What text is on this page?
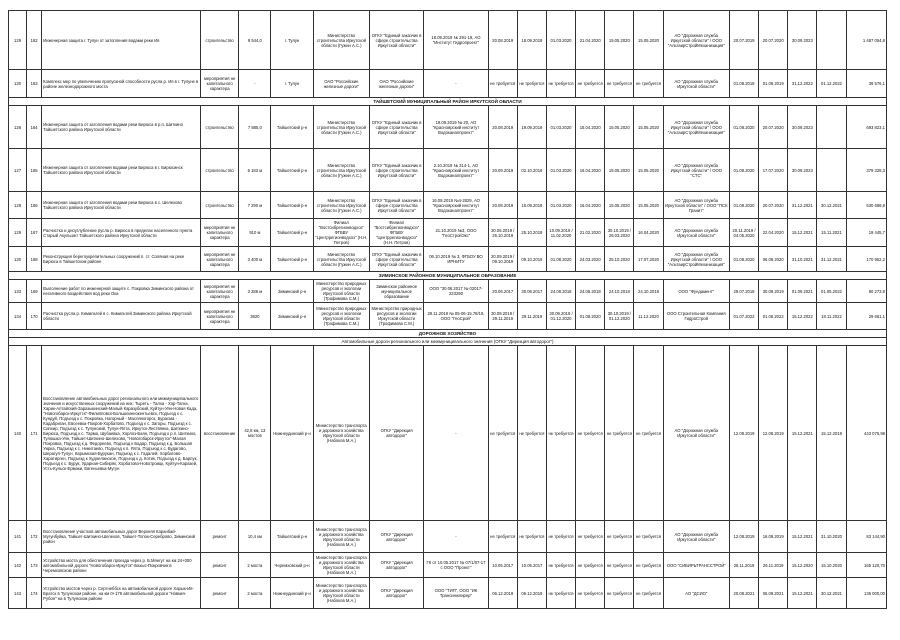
129	162	Инженерная защита г. Тулун от затопления водами реки Ия	строительство	9 544,0	г. Тулун	Министерство строительства Иркутской области (Гужин А.С.)	ОГКУ "Единый заказчик в сфере строительства Иркутской области"	18.09.2019 № 291-19, АО "Институт Гидропроект"	20.08.2019	18.09.2019	01.03.2020	21.04.2020	15.05.2020	15.05.2020	АО "Дорожная служба Иркутской области" / ООО "АльтаирСтройМеханизация"	20.07.2019	20.07.2020	30.09.2023		1 487 054,8
130	163	Комплекс мер по увеличению пропускной способности русла р. Ия в г. Тулуне в районе железнодорожного моста	мероприятия не капитального характера	-	г. Тулун	ОАО "Российские железные дороги"	ОАО "Российские железные дороги"	-	не требуется	не требуется	не требуется	не требуется	не требуется	не требуется	АО "Дорожная служба Иркутской области"	01.08.2019	01.08.2019	31.12.2022	01.12.2022	39 576,1
ТАЙШЕТСКИЙ МУНИЦИПАЛЬНЫЙ РАЙОН ИРКУТСКОЙ ОБЛАСТИ																				
126	164	Инженерная защита от затопления водами реки Бирюса в р.п. Шиткино Тайшетского района Иркутской области	строительство	7 885,0	Тайшетский р-н	Министерство строительства Иркутской области (Гужин А.С.)	ОГКУ "Единый заказчик в сфере строительства Иркутской области"	19.09.2019 № 20, АО "Красноярский институт Водоканалпроект"	20.08.2019	19.09.2019	01.03.2020	15.04.2020	15.05.2020	15.05.2020	АО "Дорожная служба Иркутской области" / ООО "АльтаирСтройМеханизация"	01.08.2020	20.07.2020	30.09.2023		693 823,1
127	165	Инженерная защита от затопления водами реки Бирюса в г. Бирюсинск Тайшетского района Иркутской области	строительство	6 183 м	Тайшетский р-н	Министерство строительства Иркутской области (Гужин А.С.)	ОГКУ "Единый заказчик в сфере строительства Иркутской области"	2.10.2019 № 314-1, АО "Красноярский институт Водоканалпроект"	20.09.2019	02.10.2019	01.03.2020	16.04.2020	15.05.2020	15.05.2020	АО "Дорожная служба Иркутской области" / ООО "СТС"	01.08.2020	17.07.2020	30.09.2023		379 328,3
128	166	Инженерная защита от затопления водами реки Бирюса в с. Шелехово Тайшетского района Иркутской области	строительство	7 290 м	Тайшетский р-н	Министерство строительства Иркутской области (Гужин А.С.)	ОГКУ "Единый заказчик в сфере строительства Иркутской области"	16.09.2019 №4-2829, АО "Красноярский институт Водоканалпроект"	20.08.2019	16.09.2019	01.03.2020	16.04.2020	15.05.2020	15.05.2020	АО "Дорожная служба Иркутской области" / ООО "ПСК Гранит"	01.08.2020	20.07.2020	31.12.2021	30.12.2021	530 688,8
129	167	Расчистка и дноуглубление русла р. Бирюса в пределах населенного пункта Старый Акульшет Тайшетского района Иркутской области	мероприятия не капитального характера	910 м	Тайшетский р-н	Филиал "Востсибрегионводхоз" ФГБВУ "Центррегионводхоз" (Н.Н. Петров)	Филиал "Востсибрегионводхоз" ФГБВУ "Центррегионводхоз" (Н.Н. Петров)	21.10.2019 №3, ООО "ГеоСтройЭкс"	30.06.2019 / 25.10.2019	25.10.2019	10.09.2019 / 11.02.2020	21.02.2020	30.10.2019 / 26.03.2020	16.04.2020	АО "Дорожная служба Иркутской области"	20.11.2019 / 04.05.2020	22.04.2020	15.12.2021	15.11.2021	19 445,7
130	168	Реконструкция берегоукрепительных сооружений п. ст. Соляная на реке Бирюса в Тайшетском районе	мероприятия не капитального характера	3 400 м	Тайшетский р-н	Министерство строительства Иркутской области (Гужин А.С.)	ОГКУ "Единый заказчик в сфере строительства Иркутской области"	06.10.2019 № 3, ФГБОУ ВО ИРНИТУ	20.09.2019 / 09.10.2019	09.10.2019	01.08.2020	24.03.2020	25.10.2020	17.07.2020	АО "Дорожная служба Иркутской области" / ООО "АльтаирСтройМеханизация"	01.08.2020	06.08.2020	31.10.2021	31.12.2021	170 952,2
ЗИМИНСКОЕ РАЙОННОЕ МУНИЦИПАЛЬНОЕ ОБРАЗОВАНИЕ																				
133	169	Выполнение работ по инженерной защите с. Покровка Зиминского района от негативного воздействия вод реки Ока	мероприятия не капитального характера	3 286 м	Зиминский р-н	Министерство природных ресурсов и экологии Иркутской области (Трофимова С.М.)	Зиминское районное муниципальное образование	ООО "30.06.2017 № 02017-223290	20.06.2017	30.06.2017	24.08.2018	24.08.2018	24.10.2018	24.10.2018	ООО "Фундамент"	29.07.2019	30.09.2019	01.09.2021	01.05.2022	80 273,9
134	170	Расчистка русла р. Кимильтей в с. Кимильтей Зиминского района Иркутской области	мероприятия не капитального характера	3920	Зиминский р-н	Министерство природных ресурсов и экологии Иркутской области (Трофимова С.М.)	Министерство природных ресурсов и экологии Иркутской области (Трофимова С.М.)	29.11.2019 № 05-06-15.78/19, ООО "ГеоСрой"	30.08.2019 / 29.11.2019	29.11.2019	30.09.2019 / 01.12.2020	01.08.2020	30.10.2019 / 01.12.2020	11.12.2020	ООО Строительная Компания ГидроСтрой	01.07.2022	01.06.2022	15.12.2022	18.11.2022	29 661,1
ДОРОЖНОЕ ХОЗЯЙСТВО																				
Автомобильные дороги регионального или межмуниципального значения (ОГКУ "Дирекция автодорог")																				
140	171	Восстановление автомобильных дорог регионального или межмуниципального значения и искусственных сооружений на них: Тыреть - Талха - Хор-Тагна, Харик-Алтайский-Заразыкинский-Малый Каразубский, Куйтун-Уян-Новая Када, "Новогобарск-Иркутск"-Филипповск-Большеиннокентьевск, Подъезд к с. Кундуй, Подъезд к с. Покровка, Нагорный - Масляногорск, Бурасма - Кадабриган, Евсеевка-Покров-Хорбатово, Подъезд к с. Загоры, Подъезд к с. Сипхир, Подъезд к с. Тулунский, Тулун-Ялта, Иркутск-Листвянка, Шиткино-Бирюса, Подъезд к с. Тарма, Шубаевка, Хорлоз-Баян, Подъезд к р.п. Шиткино, Тулюшка-Уян, Тайшет-Шиткино-Шелехово, "Новогобарск-Иркутск"-Малая Покровка, Подъезд к д. Федореево, Подъезд к Бадар, Подъезд к д. Большая Уирка, Подъезд к с. Никитаево, Подъезд к п. Ялта, Подъезд к с. Будагово, Шерагул-Тулун, Карымская-Бурукан, Подъезд к с. Гадалей, Хорбатово-Харатирген, Подъезд к Худоеланское, Подъезд к д. Котик, Подъезд к д. Барлук, Подъезд к с. Бурук, Ударная-Сибиряк, Хорбатово-Новотроицк, Куйтун-Каразей, Усть-Кульск-Ермаки, Евгеньевка-Мугун	восстановление	42,8 км, 13 мостов	Нижнеудинский р-н	Министерство транспорта и дорожного хозяйства Иркутской области (Набоков М.А.)	ОГКУ "Дирекция автодорог"	-	не требуется	не требуется	не требуется	не требуется	не требуется	не требуется	АО "Дорожная служба Иркутской области"	12.08.2019	12.08.2019	15.12.2021	15.12.2019	443 075,98
141	172	Восстановление участков автомобильных дорог Верхняя Каранбай-Мугунбуйка, Тайшет-Шиткино-Шелехов, Тайшет-Топок-Сереброво, Зиминский район	ремонт	10,4 км	Тайшетский р-н	Министерство транспорта и дорожного хозяйства Иркутской области (Набоков М.А.)	ОГКУ "Дирекция автодорог"	-	не требуется	не требуется	не требуется	не требуется	не требуется	не требуется	АО "Дорожная служба Иркутской области"	12.08.2019	16.08.2019	15.12.2021	31.10.2020	83 144,90
142	173	Устройство моста для обеспечения проезда через р. Б.Мянгут на км 24+000 автомобильной дороги "Новогобарск-Иркутск"-Бахыс-Покровчик в Черемховском районе	ремонт	2 моста	Черемховский р-н	Министерство транспорта и дорожного хозяйства Иркутской области (Набоков М.А.)	ОГКУ "Дирекция автодорог"	ГК от 10.05.2017 № 07/1/07-17 с ООО "Проект"	10.05.2017	10.05.2017	не требуется	не требуется	не требуется	не требуется	ООО "СИБИРЬТРАНССТРОЙ"	26.11.2019	26.11.2019	15.12.2020	15.10.2020	165 120,70
143	174	Устройство мостов через р. Сертнеббск на автомобильной дороге Харык-Ия-Братск в Тулунском районе, на км 0+179 автомобильной дороги "Новкия-Рубон" на в Тулунском районе	ремонт	2 моста	Нижнеудинский р-н	Министерство транспорта и дорожного хозяйства Иркутской области (Набоков М.А.)	ОГКУ "Дирекция автодорог"	ООО "ТИП", ООО "ИК Трансинжлирер"	06.12.2019	06.12.2019	не требуется	не требуется	не требуется	не требуется	АО "ДСИО"	20.08.2021	06.09.2021	15.12.2021	30.12.2021	136 000,00
